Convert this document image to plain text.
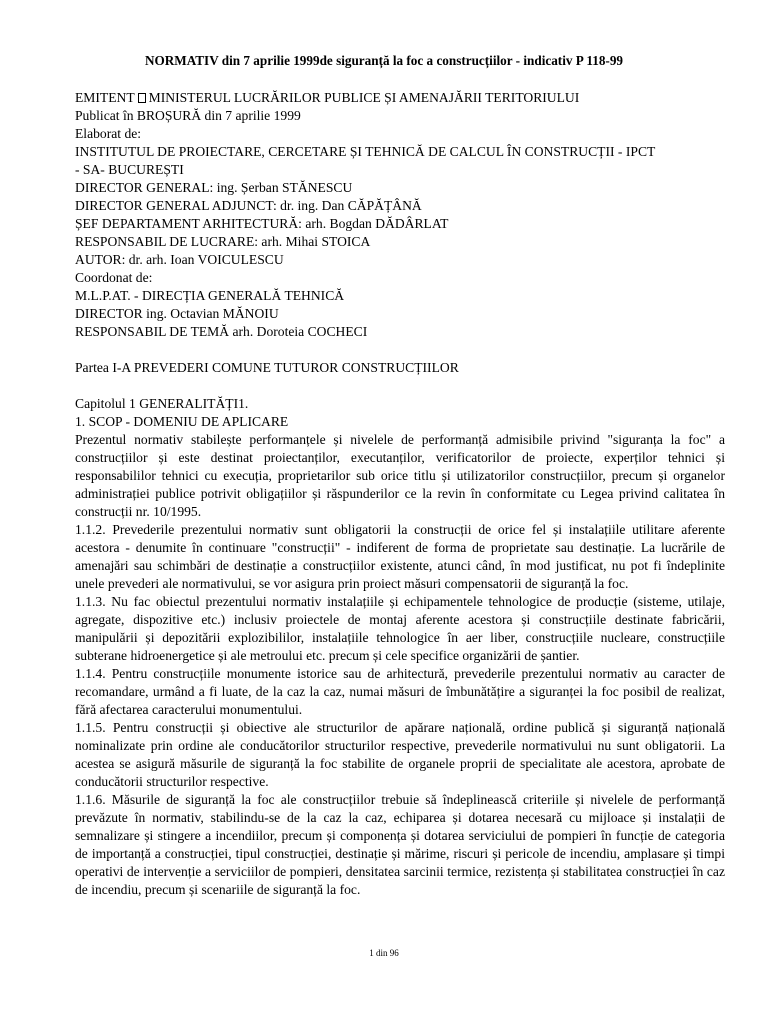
NORMATIV din 7 aprilie 1999de siguranță la foc a construcțiilor - indicativ P 118-99
EMITENT MINISTERUL LUCRĂRILOR PUBLICE ȘI AMENAJĂRII TERITORIULUI
Publicat în BROȘURĂ din 7 aprilie 1999
Elaborat de:
INSTITUTUL DE PROIECTARE, CERCETARE ȘI TEHNICĂ DE CALCUL ÎN CONSTRUCȚII - IPCT
- SA- BUCUREȘTI
DIRECTOR GENERAL: ing. Șerban STĂNESCU
DIRECTOR GENERAL ADJUNCT: dr. ing. Dan CĂPĂȚÂNĂ
ȘEF DEPARTAMENT ARHITECTURĂ: arh. Bogdan DĂDÂRLAT
RESPONSABIL DE LUCRARE: arh. Mihai STOICA
AUTOR: dr. arh. Ioan VOICULESCU
Coordonat de:
M.L.P.AT. - DIRECȚIA GENERALĂ TEHNICĂ
DIRECTOR ing. Octavian MĂNOIU
RESPONSABIL DE TEMĂ arh. Doroteia COCHECI
Partea I-A PREVEDERI COMUNE TUTUROR CONSTRUCȚIILOR
Capitolul 1 GENERALITĂȚI1.
1. SCOP - DOMENIU DE APLICARE
Prezentul normativ stabilește performanțele și nivelele de performanță admisibile privind "siguranța la foc" a construcțiilor și este destinat proiectanților, executanților, verificatorilor de proiecte, experților tehnici și responsabililor tehnici cu execuția, proprietarilor sub orice titlu și utilizatorilor construcțiilor, precum și organelor administrației publice potrivit obligațiilor și răspunderilor ce la revin în conformitate cu Legea privind calitatea în construcții nr. 10/1995.
1.1.2. Prevederile prezentului normativ sunt obligatorii la construcții de orice fel și instalațiile utilitare aferente acestora - denumite în continuare "construcții" - indiferent de forma de proprietate sau destinație. La lucrările de amenajări sau schimbări de destinație a construcțiilor existente, atunci când, în mod justificat, nu pot fi îndeplinite unele prevederi ale normativului, se vor asigura prin proiect măsuri compensatorii de siguranță la foc.
1.1.3. Nu fac obiectul prezentului normativ instalațiile și echipamentele tehnologice de producție (sisteme, utilaje, agregate, dispozitive etc.) inclusiv proiectele de montaj aferente acestora și construcțiile destinate fabricării, manipulării și depozitării explozibililor, instalațiile tehnologice în aer liber, construcțiile nucleare, construcțiile subterane hidroenergetice și ale metroului etc. precum și cele specifice organizării de șantier.
1.1.4. Pentru construcțiile monumente istorice sau de arhitectură, prevederile prezentului normativ au caracter de recomandare, urmând a fi luate, de la caz la caz, numai măsuri de îmbunătățire a siguranței la foc posibil de realizat, fără afectarea caracterului monumentului.
1.1.5. Pentru construcții și obiective ale structurilor de apărare națională, ordine publică și siguranță națională nominalizate prin ordine ale conducătorilor structurilor respective, prevederile normativului nu sunt obligatorii. La acestea se asigură măsurile de siguranță la foc stabilite de organele proprii de specialitate ale acestora, aprobate de conducătorii structurilor respective.
1.1.6. Măsurile de siguranță la foc ale construcțiilor trebuie să îndeplinească criteriile și nivelele de performanță prevăzute în normativ, stabilindu-se de la caz la caz, echiparea și dotarea necesară cu mijloace și instalații de semnalizare și stingere a incendiilor, precum și componența și dotarea serviciului de pompieri în funcție de categoria de importanță a construcției, tipul construcției, destinație și mărime, riscuri și pericole de incendiu, amplasare și timpi operativi de intervenție a serviciilor de pompieri, densitatea sarcinii termice, rezistența și stabilitatea construcției în caz de incendiu, precum și scenariile de siguranță la foc.
1 din 96
